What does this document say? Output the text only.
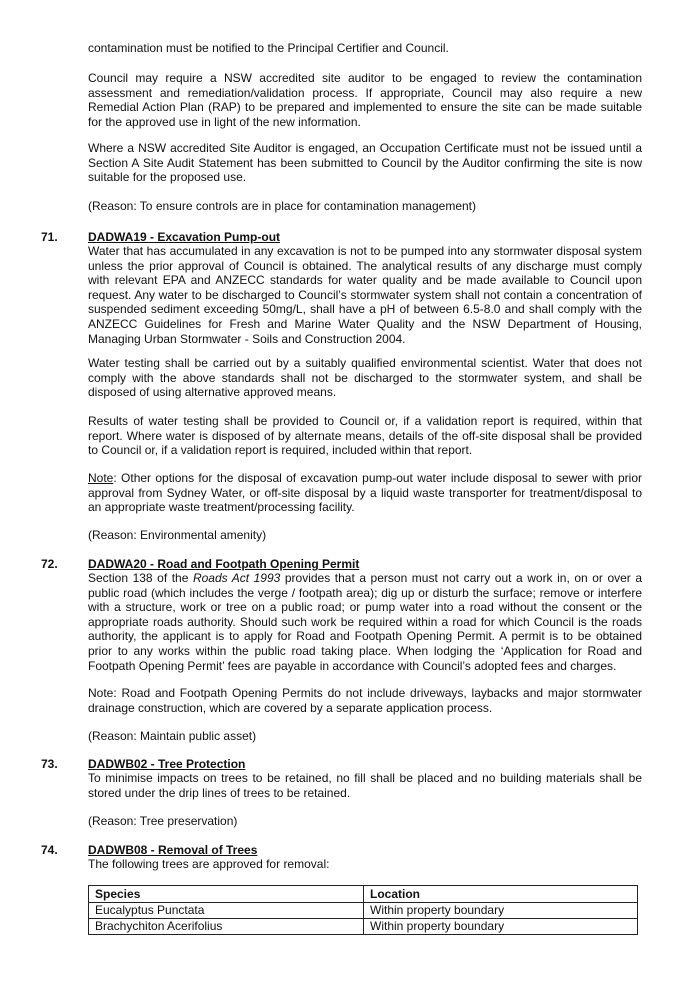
contamination must be notified to the Principal Certifier and Council.

Council may require a NSW accredited site auditor to be engaged to review the contamination assessment and remediation/validation process. If appropriate, Council may also require a new Remedial Action Plan (RAP) to be prepared and implemented to ensure the site can be made suitable for the approved use in light of the new information.

Where a NSW accredited Site Auditor is engaged, an Occupation Certificate must not be issued until a Section A Site Audit Statement has been submitted to Council by the Auditor confirming the site is now suitable for the proposed use.

(Reason: To ensure controls are in place for contamination management)

71.	DADWA19 - Excavation Pump-out

Water that has accumulated in any excavation is not to be pumped into any stormwater disposal system unless the prior approval of Council is obtained. The analytical results of any discharge must comply with relevant EPA and ANZECC standards for water quality and be made available to Council upon request. Any water to be discharged to Council’s stormwater system shall not contain a concentration of suspended sediment exceeding 50mg/L, shall have a pH of between 6.5-8.0 and shall comply with the ANZECC Guidelines for Fresh and Marine Water Quality and the NSW Department of Housing, Managing Urban Stormwater - Soils and Construction 2004.

Water testing shall be carried out by a suitably qualified environmental scientist. Water that does not comply with the above standards shall not be discharged to the stormwater system, and shall be disposed of using alternative approved means.

Results of water testing shall be provided to Council or, if a validation report is required, within that report. Where water is disposed of by alternate means, details of the off-site disposal shall be provided to Council or, if a validation report is required, included within that report.

Note: Other options for the disposal of excavation pump-out water include disposal to sewer with prior approval from Sydney Water, or off-site disposal by a liquid waste transporter for treatment/disposal to an appropriate waste treatment/processing facility.

(Reason: Environmental amenity)

72.	DADWA20 - Road and Footpath Opening Permit

Section 138 of the Roads Act 1993 provides that a person must not carry out a work in, on or over a public road (which includes the verge / footpath area); dig up or disturb the surface; remove or interfere with a structure, work or tree on a public road; or pump water into a road without the consent or the appropriate roads authority. Should such work be required within a road for which Council is the roads authority, the applicant is to apply for Road and Footpath Opening Permit. A permit is to be obtained prior to any works within the public road taking place. When lodging the ‘Application for Road and Footpath Opening Permit’ fees are payable in accordance with Council’s adopted fees and charges.

Note: Road and Footpath Opening Permits do not include driveways, laybacks and major stormwater drainage construction, which are covered by a separate application process.

(Reason: Maintain public asset)

73.	DADWB02 - Tree Protection

To minimise impacts on trees to be retained, no fill shall be placed and no building materials shall be stored under the drip lines of trees to be retained.

(Reason: Tree preservation)

74.	DADWB08 - Removal of Trees

The following trees are approved for removal:

Species	Location
Eucalyptus Punctata	Within property boundary
Brachychiton Acerifolius	Within property boundary
